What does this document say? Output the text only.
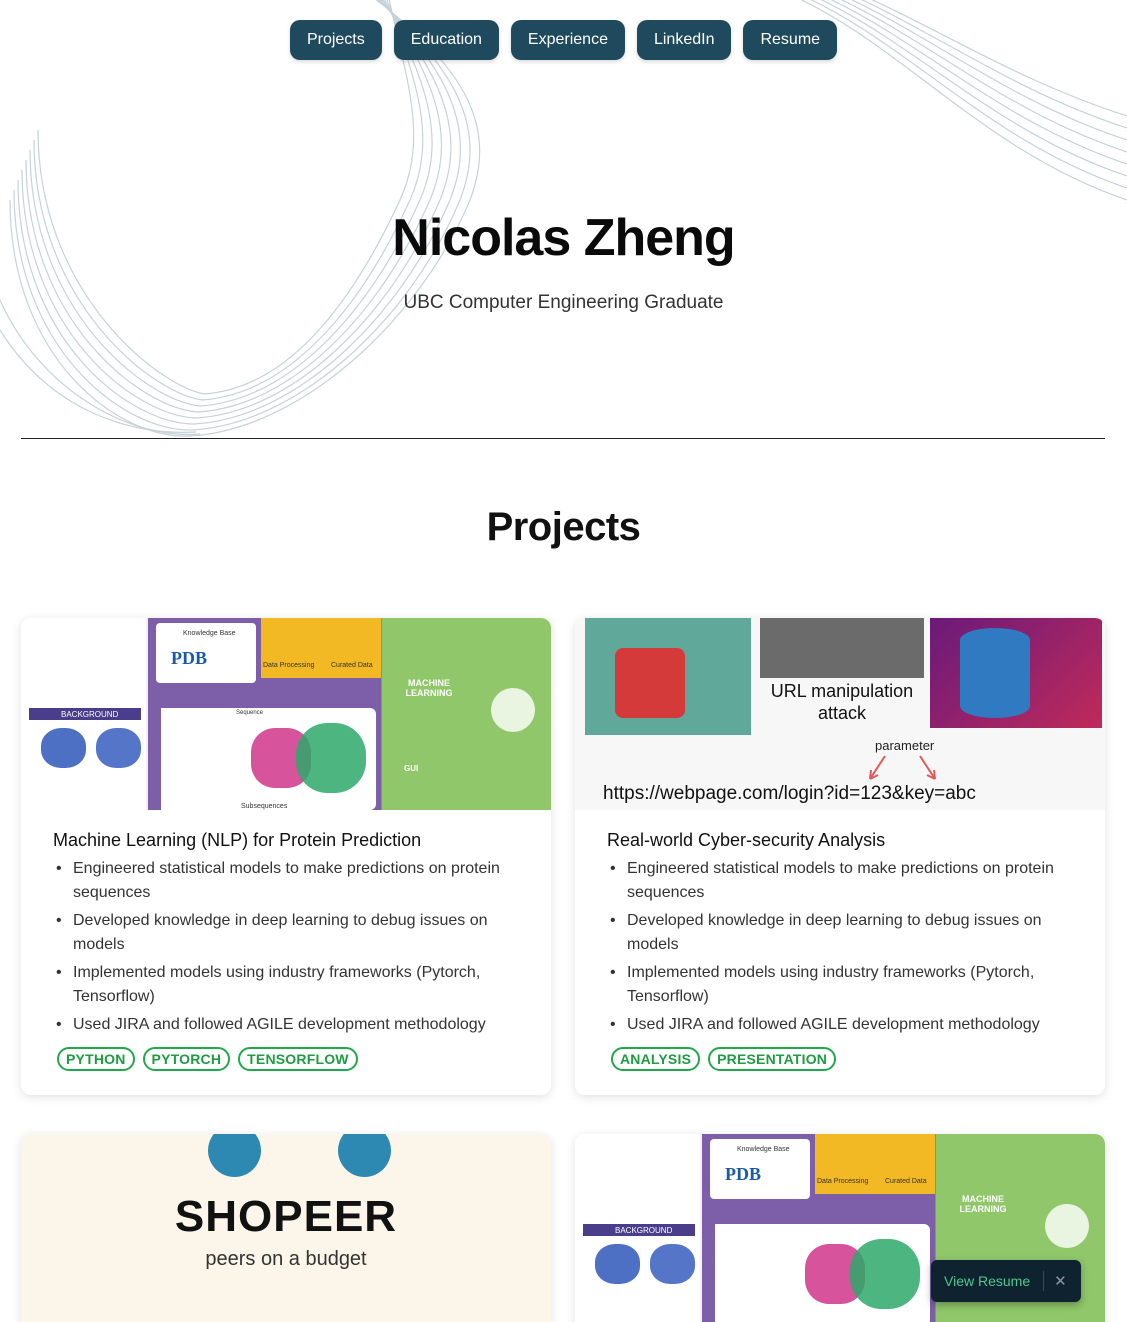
Projects	Education	Experience	LinkedIn	Resume
Nicolas Zheng
UBC Computer Engineering Graduate
Projects
BACKGROUND
Knowledge Base
PDB	Data Processing Curated Data
Sequence
Subsequences
MACHINE LEARNING
GUI
Machine Learning (NLP) for Protein Prediction
• Engineered statistical models to make predictions on protein sequences
• Developed knowledge in deep learning to debug issues on models
• Implemented models using industry frameworks (Pytorch, Tensorflow)
• Used JIRA and followed AGILE development methodology
PYTHON	PYTORCH	TENSORFLOW
URL manipulation attack
parameter
https://webpage.com/login?id=123&key=abc
Real-world Cyber-security Analysis
• Engineered statistical models to make predictions on protein sequences
• Developed knowledge in deep learning to debug issues on models
• Implemented models using industry frameworks (Pytorch, Tensorflow)
• Used JIRA and followed AGILE development methodology
ANALYSIS	PRESENTATION
SHOPEER
peers on a budget
BACKGROUND
Knowledge Base
PDB	Data Processing Curated Data
MACHINE LEARNING
View Resume ✕
